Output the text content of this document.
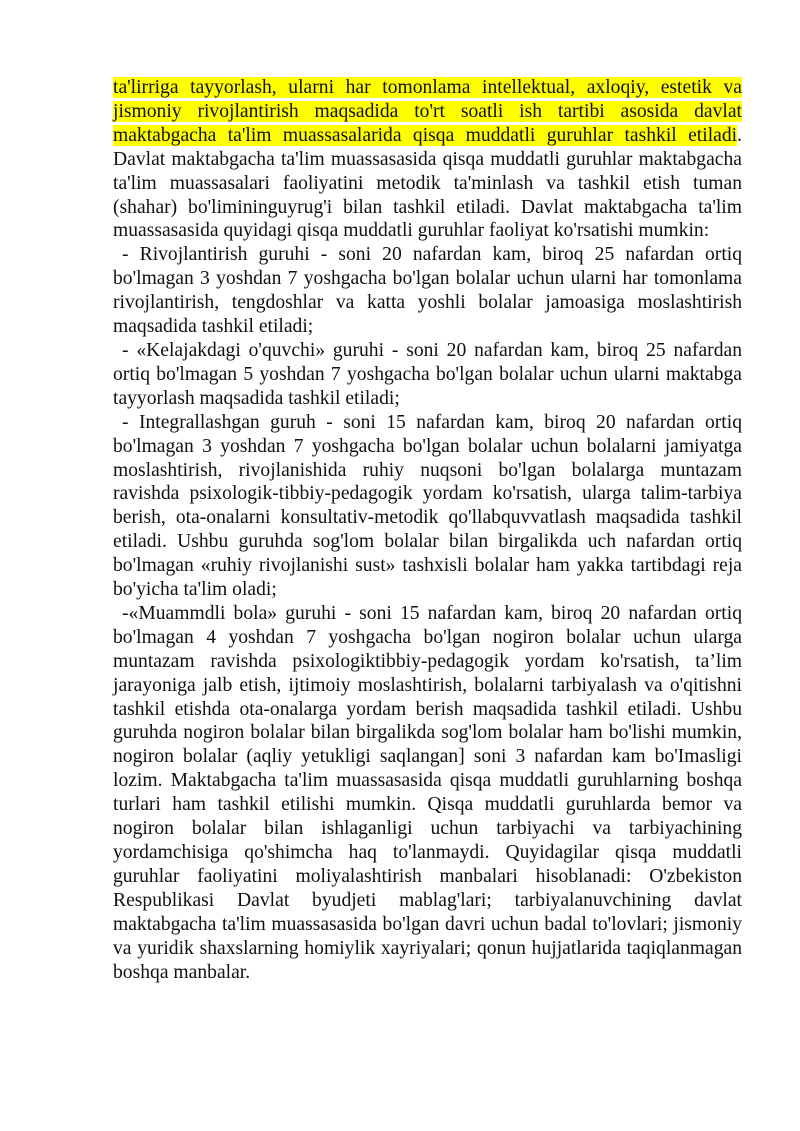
ta'lirriga tayyorlash, ularni har tomonlama intellektual, axloqiy, estetik va jismoniy rivojlantirish maqsadida to'rt soatli ish tartibi asosida davlat maktabgacha ta'lim muassasalarida qisqa muddatli guruhlar tashkil etiladi. Davlat maktabgacha ta'lim muassasasida qisqa muddatli guruhlar maktabgacha ta'lim muassasalari faoliyatini metodik ta'minlash va tashkil etish tuman (shahar) bo'limininguyrug'i bilan tashkil etiladi. Davlat maktabgacha ta'lim muassasasida quyidagi qisqa muddatli guruhlar faoliyat ko'rsatishi mumkin:

- Rivojlantirish guruhi - soni 20 nafardan kam, biroq 25 nafardan ortiq bo'lmagan 3 yoshdan 7 yoshgacha bo'lgan bolalar uchun ularni har tomonlama rivojlantirish, tengdoshlar va katta yoshli bolalar jamoasiga moslashtirish maqsadida tashkil etiladi;

- «Kelajakdagi o'quvchi» guruhi - soni 20 nafardan kam, biroq 25 nafardan ortiq bo'lmagan 5 yoshdan 7 yoshgacha bo'lgan bolalar uchun ularni maktabga tayyorlash maqsadida tashkil etiladi;

- Integrallashgan guruh - soni 15 nafardan kam, biroq 20 nafardan ortiq bo'lmagan 3 yoshdan 7 yoshgacha bo'lgan bolalar uchun bolalarni jamiyatga moslashtirish, rivojlanishida ruhiy nuqsoni bo'lgan bolalarga muntazam ravishda psixologik-tibbiy-pedagogik yordam ko'rsatish, ularga talim-tarbiya berish, ota-onalarni konsultativ-metodik qo'llabquvvatlash maqsadida tashkil etiladi. Ushbu guruhda sog'lom bolalar bilan birgalikda uch nafardan ortiq bo'lmagan «ruhiy rivojlanishi sust» tashxisli bolalar ham yakka tartibdagi reja bo'yicha ta'lim oladi;

-«Muammdli bola» guruhi - soni 15 nafardan kam, biroq 20 nafardan ortiq bo'lmagan 4 yoshdan 7 yoshgacha bo'lgan nogiron bolalar uchun ularga muntazam ravishda psixologiktibbiy-pedagogik yordam ko'rsatish, ta’lim jarayoniga jalb etish, ijtimoiy moslashtirish, bolalarni tarbiyalash va o'qitishni tashkil etishda ota-onalarga yordam berish maqsadida tashkil etiladi. Ushbu guruhda nogiron bolalar bilan birgalikda sog'lom bolalar ham bo'lishi mumkin, nogiron bolalar (aqliy yetukligi saqlangan] soni 3 nafardan kam bo'Imasligi lozim. Maktabgacha ta'lim muassasasida qisqa muddatli guruhlarning boshqa turlari ham tashkil etilishi mumkin. Qisqa muddatli guruhlarda bemor va nogiron bolalar bilan ishlaganligi uchun tarbiyachi va tarbiyachining yordamchisiga qo'shimcha haq to'lanmaydi. Quyidagilar qisqa muddatli guruhlar faoliyatini moliyalashtirish manbalari hisoblanadi: O'zbekiston Respublikasi Davlat byudjeti mablag'lari; tarbiyalanuvchining davlat maktabgacha ta'lim muassasasida bo'lgan davri uchun badal to'lovlari; jismoniy va yuridik shaxslarning homiylik xayriyalari; qonun hujjatlarida taqiqlanmagan boshqa manbalar.
